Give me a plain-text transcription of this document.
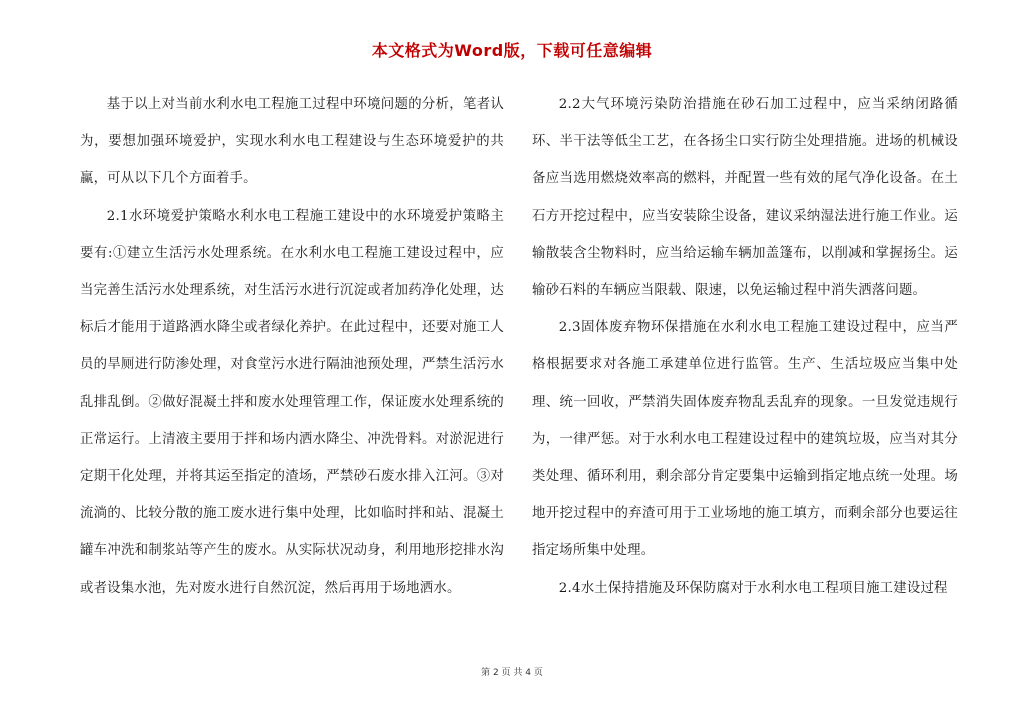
本文格式为Word版，下载可任意编辑

基于以上对当前水利水电工程施工过程中环境问题的分析，笔者认为，要想加强环境爱护，实现水利水电工程建设与生态环境爱护的共赢，可从以下几个方面着手。

2.1水环境爱护策略水利水电工程施工建设中的水环境爱护策略主要有:①建立生活污水处理系统。在水利水电工程施工建设过程中，应当完善生活污水处理系统，对生活污水进行沉淀或者加药净化处理，达标后才能用于道路洒水降尘或者绿化养护。在此过程中，还要对施工人员的旱厕进行防渗处理，对食堂污水进行隔油池预处理，严禁生活污水乱排乱倒。②做好混凝土拌和废水处理管理工作，保证废水处理系统的正常运行。上清液主要用于拌和场内洒水降尘、冲洗骨料。对淤泥进行定期干化处理，并将其运至指定的渣场，严禁砂石废水排入江河。③对流淌的、比较分散的施工废水进行集中处理，比如临时拌和站、混凝土罐车冲洗和制浆站等产生的废水。从实际状况动身，利用地形挖排水沟或者设集水池，先对废水进行自然沉淀，然后再用于场地洒水。

2.2大气环境污染防治措施在砂石加工过程中，应当采纳闭路循环、半干法等低尘工艺，在各扬尘口实行防尘处理措施。进场的机械设备应当选用燃烧效率高的燃料，并配置一些有效的尾气净化设备。在土石方开挖过程中，应当安装除尘设备，建议采纳湿法进行施工作业。运输散装含尘物料时，应当给运输车辆加盖篷布，以削减和掌握扬尘。运输砂石料的车辆应当限载、限速，以免运输过程中消失洒落问题。

2.3固体废弃物环保措施在水利水电工程施工建设过程中，应当严格根据要求对各施工承建单位进行监管。生产、生活垃圾应当集中处理、统一回收，严禁消失固体废弃物乱丢乱弃的现象。一旦发觉违规行为，一律严惩。对于水利水电工程建设过程中的建筑垃圾，应当对其分类处理、循环利用，剩余部分肯定要集中运输到指定地点统一处理。场地开挖过程中的弃渣可用于工业场地的施工填方，而剩余部分也要运往指定场所集中处理。

2.4水土保持措施及环保防腐对于水利水电工程项目施工建设过程

第 2 页 共 4 页
